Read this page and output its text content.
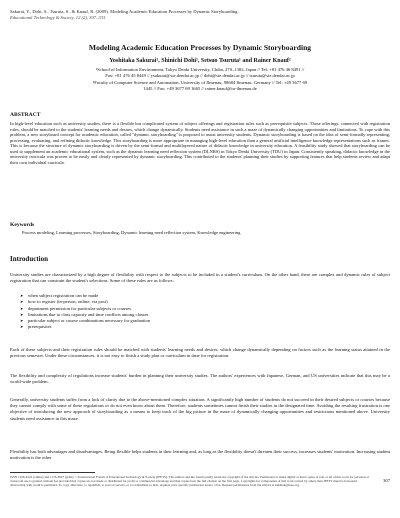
Sakurai, Y., Dohi, S., Tsuruta, S., & Knauf, R. (2009). Modeling Academic Education Processes by Dynamic Storyboarding.
Educational Technology & Society, 12 (2), 307–333.
Modeling Academic Education Processes by Dynamic Storyboarding
Yoshitaka Sakurai¹, Shinichi Dohi¹, Setsuo Tsuruta¹ and Rainer Knauf²
¹School of Information Environment, Tokyo Denki University, Chiba, 270–1382, Japan // Tel: +81 476 46 8491 //
Fax: +81 476 45 8449 // ysakurai@sie.dendai.ac.jp // dohi@sie.dendai.ac.jp // tsuruta@sie.dendai.ac.jp
²Faculty of Computer Science and Automation, University of Ilmenau, 98684 Ilmenau, Germany // Tel: +49 3677 69
1445 // Fax: +49 3677 69 1665 // rainer.knauf@tu-ilmenau.de
ABSTRACT
In high-level education such as university studies, there is a flexible but complicated system of subject offerings and registration rules such as prerequisite subjects. Those offerings, connected with registration rules, should be matched to the students' learning needs and desires, which change dynamically. Students need assistance in such a maze of dynamically changing opportunities and limitations. To cope with this problem, a new storyboard concept for academic education, called "dynamic storyboarding" is proposed to assist university students. Dynamic storyboarding is based on the idea of semi-formally representing, processing, evaluating, and refining didactic knowledge. This storyboarding is more appropriate in managing high-level education than a general artificial intelligence knowledge representations such as frames. This is because the structure of dynamic storyboarding is driven by the semi-formal and multilayered nature of didactic knowledge in university education. A feasibility study showed that storyboarding can be used to supplement an academic educational system, such as the dynamic learning need reflection system (DLNRS) in Tokyo Denki University (TDU) in Japan. Consistently speaking, didactic knowledge in the university curricula was proven to be easily and clearly represented by dynamic storyboarding. This contributed to the students' planning their studies by supporting features that help students review and adapt their own individual curricula.
Keywords
Process modeling, Learning processes, Storyboarding, Dynamic learning need reflection system, Knowledge engineering
Introduction
University studies are characterized by a high degree of flexibility with respect to the subjects to be included in a student's curriculum. On the other hand, there are complex and dynamic rules of subject registration that can constrain the student's selections. Some of these rules are as follows:
➤ when subject registration can be made
➤ how to register (in-person, online, via post)
➤ department permission for particular subjects or courses
➤ limitations due to class capacity and time conflicts among classes
➤ particular subject or course combinations necessary for graduation
➤ prerequisites
Each of these subjects and their registration rules should be matched with students' learning needs and desires, which change dynamically depending on factors such as the learning status attained in the previous semester. Under these circumstances, it is not easy to finish a study plan or curriculum in time for registration.
The flexibility and complexity of regulations increase students' burden in planning their university studies. The authors' experiences with Japanese, German, and US universities indicate that this may be a world-wide problem.
Generally, university students suffer from a lack of clarity due to the above-mentioned complex situation. A significantly high number of students do not succeed in their desired subjects or courses because they cannot comply with some of these regulations or do not even know about them. Therefore, students sometimes cannot finish their studies in the designated time. Avoiding the resulting frustration is one objective of introducing the new approach of storyboarding as a means to keep track of the big picture in the maze of dynamically changing opportunities and restrictions mentioned above. University students need assistance in this maze.
Flexibility has both advantages and disadvantages. Being flexible helps students in their learning and, as long as the flexibility doesn't threaten their success, increases students' motivation. Increasing student motivation is the other
ISSN 1436-4522 (online) and 1176-3647 (print). © International Forum of Educational Technology & Society (IFETS). The authors and the forum jointly retain the copyright of the articles. Permission to make digital or hard copies of part or all of this work for personal or classroom use is granted without fee provided that copies are not made or distributed for profit or commercial advantage and that copies bear the full citation on the first page. Copyrights for components of this work owned by others than IFETS must be honoured. Abstracting with credit is permitted. To copy otherwise, to republish, to post on servers, or to redistribute to lists, requires prior specific permission and/or a fee. Request permissions from the editors at kinshuk@ieee.org.
307
